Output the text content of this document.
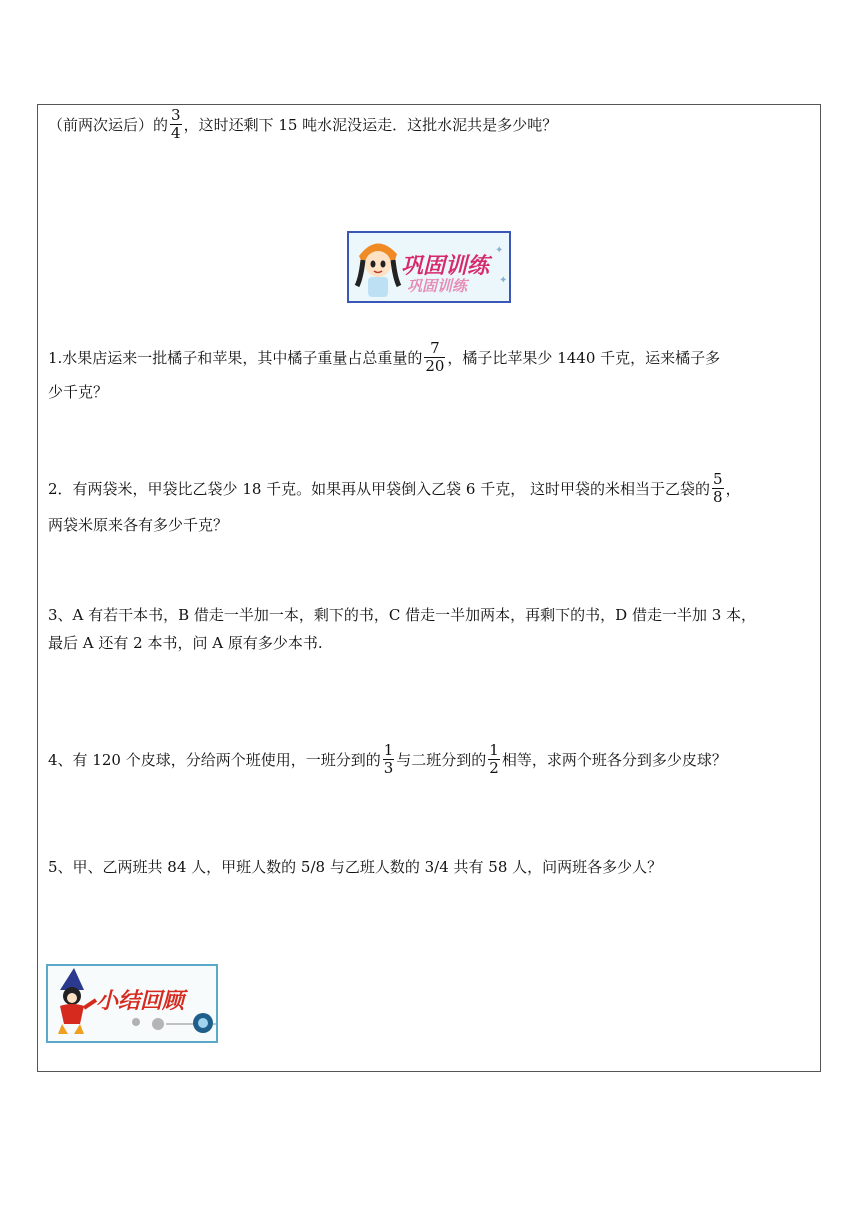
（前两次运后）的 $\frac{3}{4}$ ，这时还剩下 15 吨水泥没运走．这批水泥共是多少吨？
巩固训练
巩固训练
✦
✦
1.水果店运来一批橘子和苹果，其中橘子重量占总重量的 $\frac{7}{20}$ ，橘子比苹果少 1440 千克，运来橘子多
少千克？
2．有两袋米，甲袋比乙袋少 18 千克。如果再从甲袋倒入乙袋 6 千克， 这时甲袋的米相当于乙袋的 $\frac{5}{8}$ ，
两袋米原来各有多少千克？
3、A 有若干本书，B 借走一半加一本，剩下的书，C 借走一半加两本，再剩下的书，D 借走一半加 3 本，
最后 A 还有 2 本书，问 A 原有多少本书.
4、有 120 个皮球，分给两个班使用，一班分到的 $\frac{1}{3}$ 与二班分到的 $\frac{1}{2}$ 相等，求两个班各分到多少皮球？
5、甲、乙两班共 84 人，甲班人数的 5/8 与乙班人数的 3/4 共有 58 人，问两班各多少人？
小结回顾
